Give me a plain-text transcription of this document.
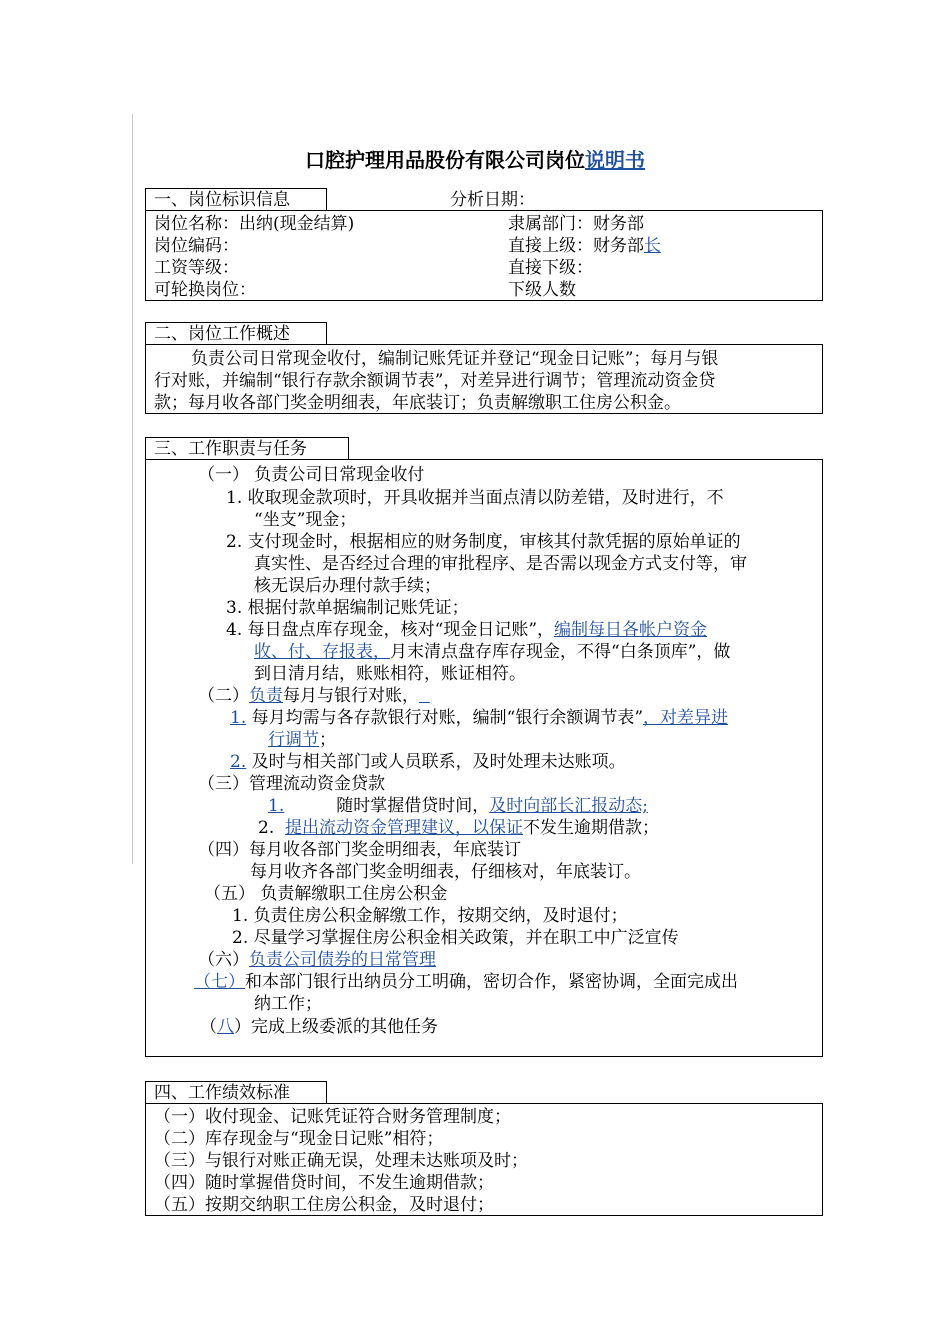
口腔护理用品股份有限公司岗位说明书
一、岗位标识信息	分析日期：
岗位名称：出纳(现金结算)
岗位编码：
工资等级：
可轮换岗位：
隶属部门：财务部
直接上级：财务部长
直接下级：
下级人数
二、岗位工作概述
负责公司日常现金收付，编制记账凭证并登记“现金日记账”；每月与银
行对账，并编制“银行存款余额调节表”，对差异进行调节；管理流动资金贷
款；每月收各部门奖金明细表，年底装订；负责解缴职工住房公积金。
三、工作职责与任务
（一） 负责公司日常现金收付
1. 收取现金款项时，开具收据并当面点清以防差错，及时进行，不
“坐支”现金；
2. 支付现金时，根据相应的财务制度，审核其付款凭据的原始单证的
真实性、是否经过合理的审批程序、是否需以现金方式支付等，审
核无误后办理付款手续；
3. 根据付款单据编制记账凭证；
4. 每日盘点库存现金，核对“现金日记账”，编制每日各帐户资金
收、付、存报表，月末清点盘存库存现金，不得“白条顶库”，做
到日清月结，账账相符，账证相符。
（二）负责每月与银行对账，
1. 每月均需与各存款银行对账，编制“银行余额调节表”，对差异进
行调节；
2. 及时与相关部门或人员联系，及时处理未达账项。
（三）管理流动资金贷款
1.	随时掌握借贷时间，及时向部长汇报动态;
2. 提出流动资金管理建议，以保证不发生逾期借款；
（四）每月收各部门奖金明细表，年底装订
每月收齐各部门奖金明细表，仔细核对，年底装订。
（五） 负责解缴职工住房公积金
1. 负责住房公积金解缴工作，按期交纳，及时退付；
2. 尽量学习掌握住房公积金相关政策，并在职工中广泛宣传
（六）负责公司债券的日常管理
（七）和本部门银行出纳员分工明确，密切合作，紧密协调，全面完成出
纳工作；
（八）完成上级委派的其他任务
四、工作绩效标准
（一）收付现金、记账凭证符合财务管理制度；
（二）库存现金与“现金日记账”相符；
（三）与银行对账正确无误，处理未达账项及时；
（四）随时掌握借贷时间，不发生逾期借款；
（五）按期交纳职工住房公积金，及时退付；
